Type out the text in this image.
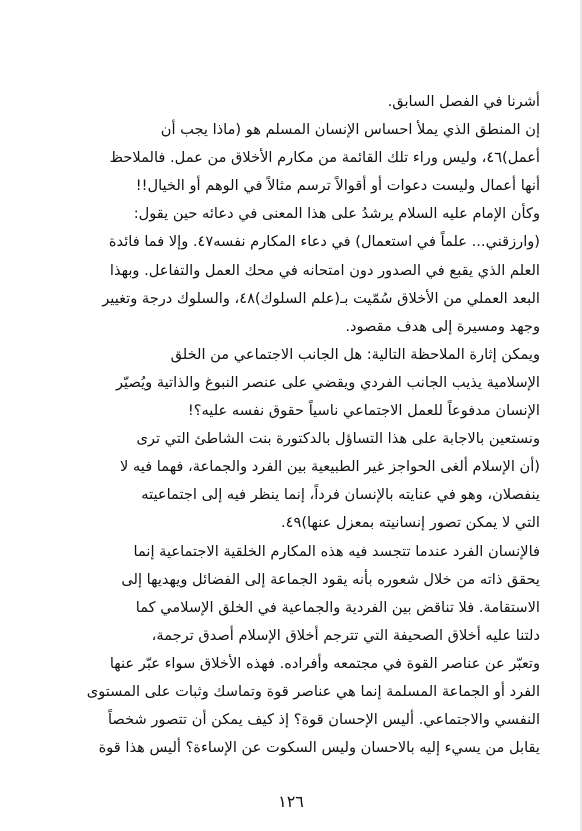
أشرنا في الفصل السابق.

إن المنطق الذي يملأ احساس الإنسان المسلم هو (ماذا يجب أن

أعمل)٤٦، وليس وراء تلك القائمة من مكارم الأخلاق من عمل. فالملاحظ

أنها أعمال وليست دعوات أو أقوالاً ترسم مثالاً في الوهم أو الخيال!!

وكأن الإمام عليه السلام يرشدُ على هذا المعنى في دعائه حين يقول:

(وارزقني... علماً في استعمال) في دعاء المكارم نفسه٤٧. وإلا فما فائدة

العلم الذي يقبع في الصدور دون امتحانه في محك العمل والتفاعل. وبهذا

البعد العملي من الأخلاق سُمّيت بـ(علم السلوك)٤٨، والسلوك درجة وتغيير

وجهد ومسيرة إلى هدف مقصود.

ويمكن إثارة الملاحظة التالية: هل الجانب الاجتماعي من الخلق

الإسلامية يذيب الجانب الفردي ويقضي على عنصر النبوغ والذاتية ويُصيّر

الإنسان مدفوعاً للعمل الاجتماعي ناسياً حقوق نفسه عليه؟!

ونستعين بالاجابة على هذا التساؤل بالدكتورة بنت الشاطئ التي ترى

(أن الإسلام ألغى الحواجز غير الطبيعية بين الفرد والجماعة، فهما فيه لا

ينفصلان، وهو في عنايته بالإنسان فرداً، إنما ينظر فيه إلى اجتماعيته

التي لا يمكن تصور إنسانيته بمعزل عنها)٤٩.

فالإنسان الفرد عندما تتجسد فيه هذه المكارم الخلقية الاجتماعية إنما

يحقق ذاته من خلال شعوره بأنه يقود الجماعة إلى الفضائل ويهديها إلى

الاستقامة. فلا تناقض بين الفردية والجماعية في الخلق الإسلامي كما

دلتنا عليه أخلاق الصحيفة التي تترجم أخلاق الإسلام أصدق ترجمة،

وتعبّر عن عناصر القوة في مجتمعه وأفراده. فهذه الأخلاق سواء عبّر عنها

الفرد أو الجماعة المسلمة إنما هي عناصر قوة وتماسك وثبات على المستوى

النفسي والاجتماعي. أليس الإحسان قوة؟ إذ كيف يمكن أن تتصور شخصاً

يقابل من يسيء إليه بالاحسان وليس السكوت عن الإساءة؟ أليس هذا قوة

١٢٦
